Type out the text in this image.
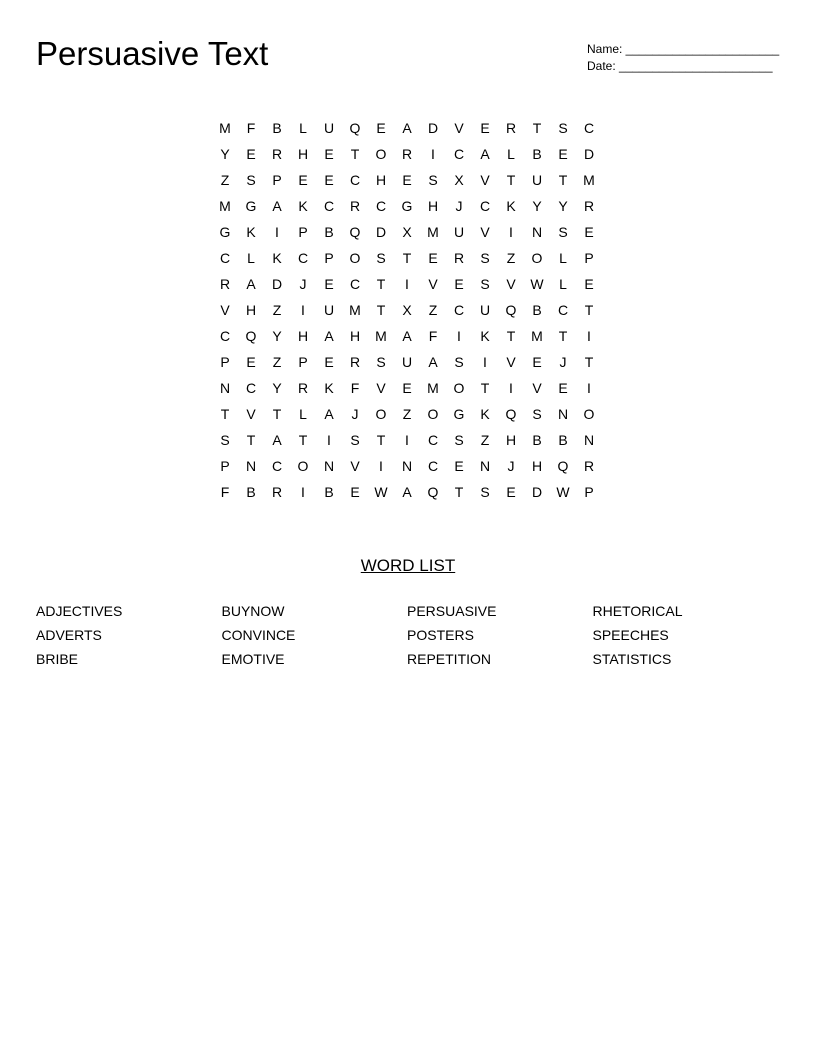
Persuasive Text	Name: _______________________
Date: _______________________
M	F	B	L	U	Q	E	A	D	V	E	R	T	S	C
Y	E	R	H	E	T	O	R	I	C	A	L	B	E	D
Z	S	P	E	E	C	H	E	S	X	V	T	U	T	M
M	G	A	K	C	R	C	G	H	J	C	K	Y	Y	R
G	K	I	P	B	Q	D	X	M	U	V	I	N	S	E
C	L	K	C	P	O	S	T	E	R	S	Z	O	L	P
R	A	D	J	E	C	T	I	V	E	S	V	W	L	E
V	H	Z	I	U	M	T	X	Z	C	U	Q	B	C	T
C	Q	Y	H	A	H	M	A	F	I	K	T	M	T	I
P	E	Z	P	E	R	S	U	A	S	I	V	E	J	T
N	C	Y	R	K	F	V	E	M	O	T	I	V	E	I
T	V	T	L	A	J	O	Z	O	G	K	Q	S	N	O
S	T	A	T	I	S	T	I	C	S	Z	H	B	B	N
P	N	C	O	N	V	I	N	C	E	N	J	H	Q	R
F	B	R	I	B	E	W	A	Q	T	S	E	D	W	P
WORD LIST
ADJECTIVES	BUYNOW	PERSUASIVE	RHETORICAL
ADVERTS	CONVINCE	POSTERS	SPEECHES
BRIBE	EMOTIVE	REPETITION	STATISTICS
